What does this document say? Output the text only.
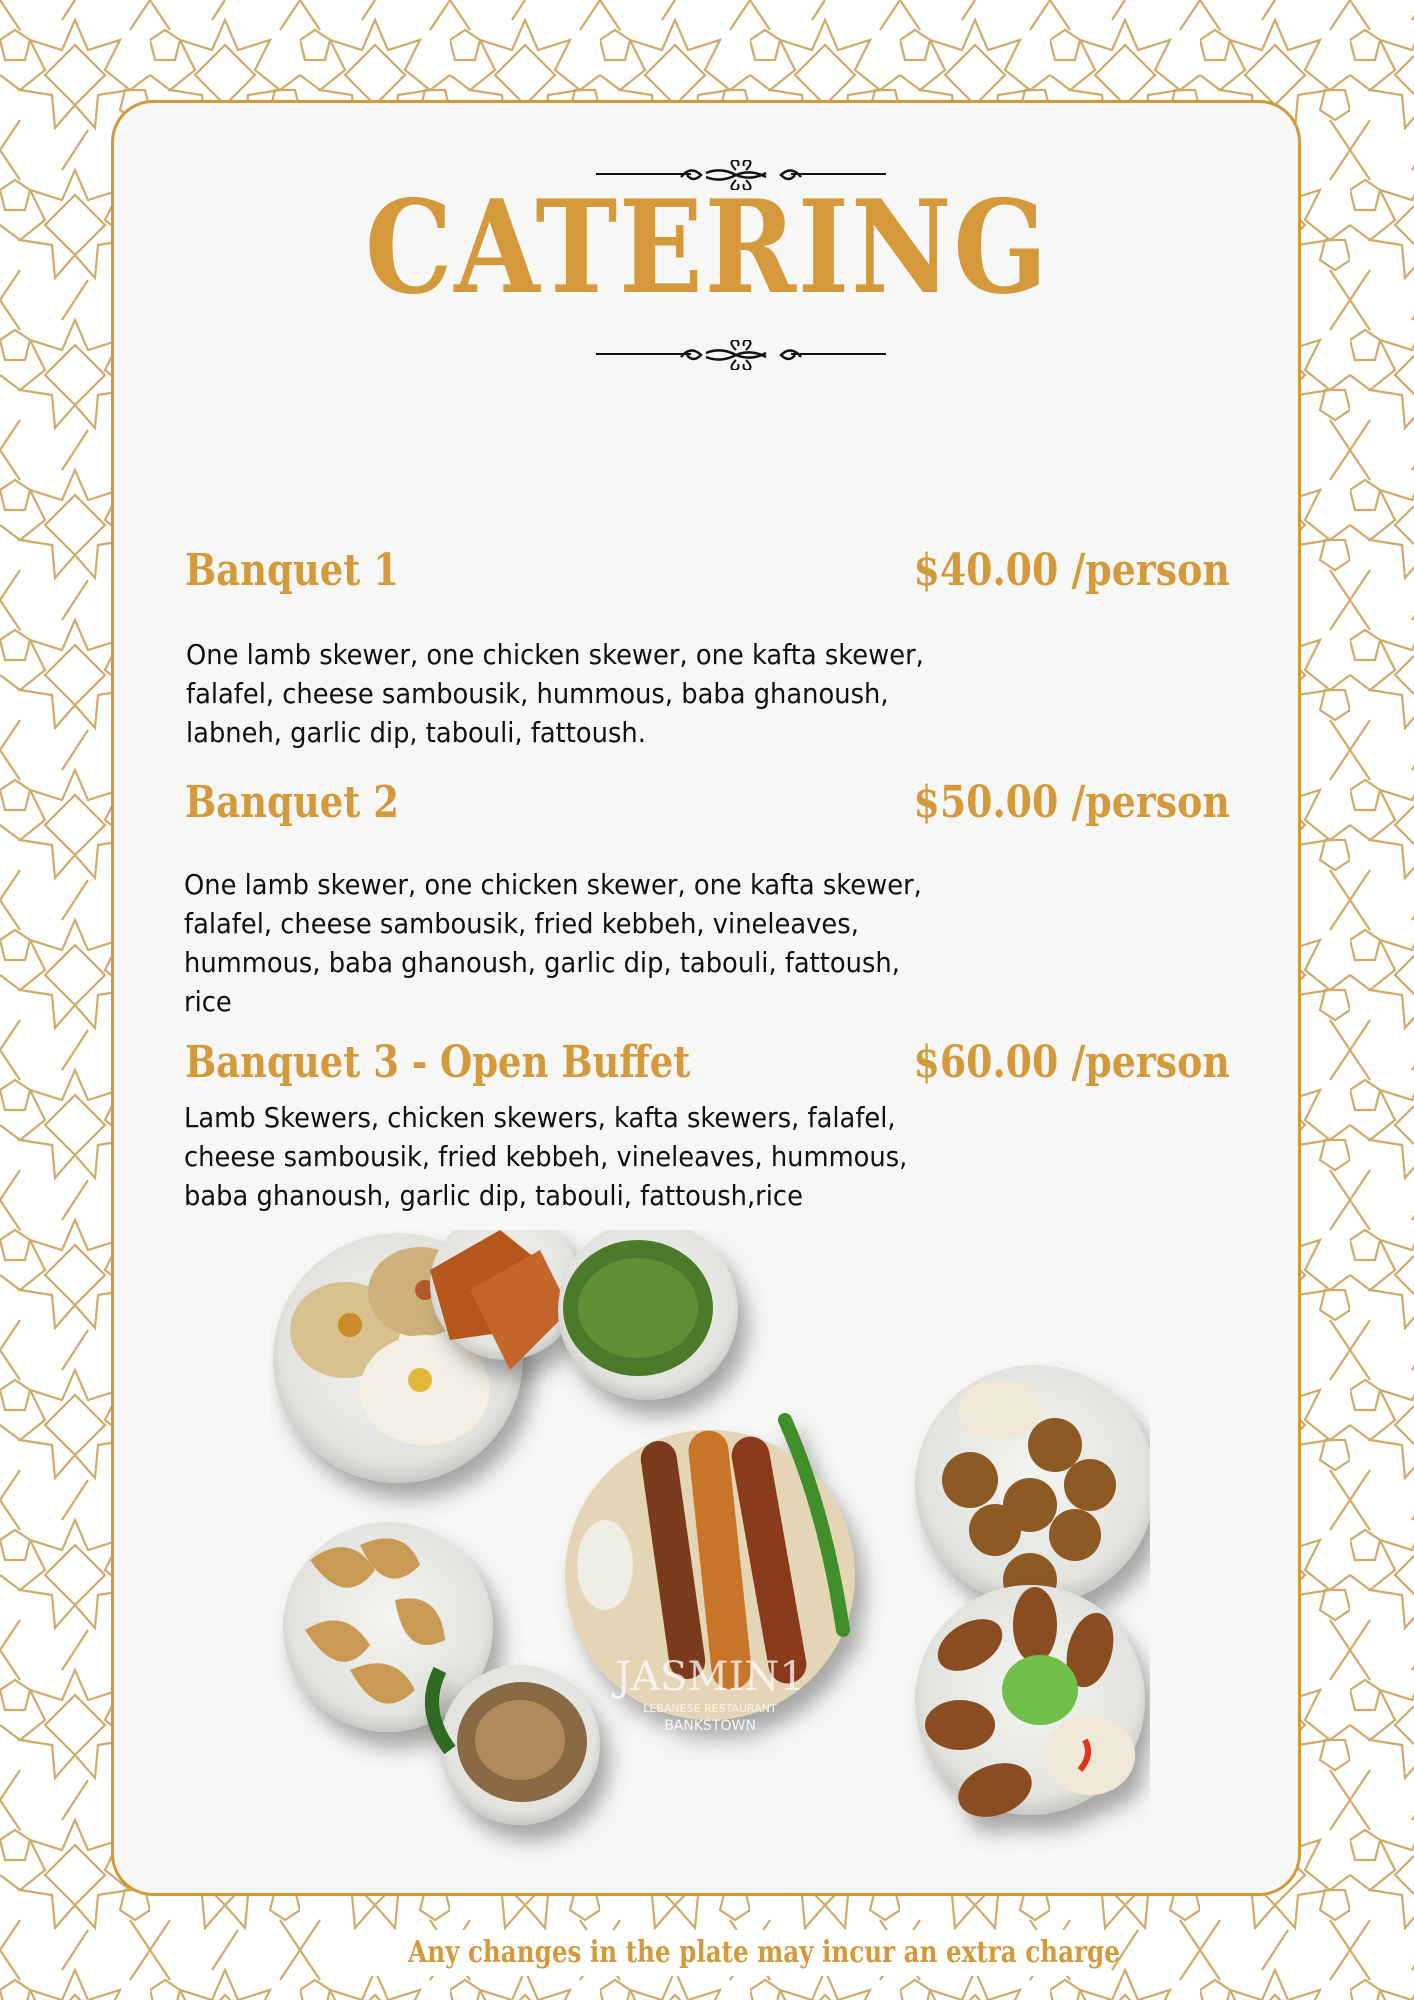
CATERING
Banquet 1	$40.00 /person
One lamb skewer, one chicken skewer, one kafta skewer,
falafel, cheese sambousik, hummous, baba ghanoush,
labneh, garlic dip, tabouli, fattoush.
Banquet 2	$50.00 /person
One lamb skewer, one chicken skewer, one kafta skewer,
falafel, cheese sambousik, fried kebbeh, vineleaves,
hummous, baba ghanoush, garlic dip, tabouli, fattoush,
rice
Banquet 3 - Open Buffet	$60.00 /person
Lamb Skewers, chicken skewers, kafta skewers, falafel,
cheese sambousik, fried kebbeh, vineleaves, hummous,
baba ghanoush, garlic dip, tabouli, fattoush,rice
JASMIN1
LEBANESE RESTAURANT
BANKSTOWN
Any changes in the plate may incur an extra charge
